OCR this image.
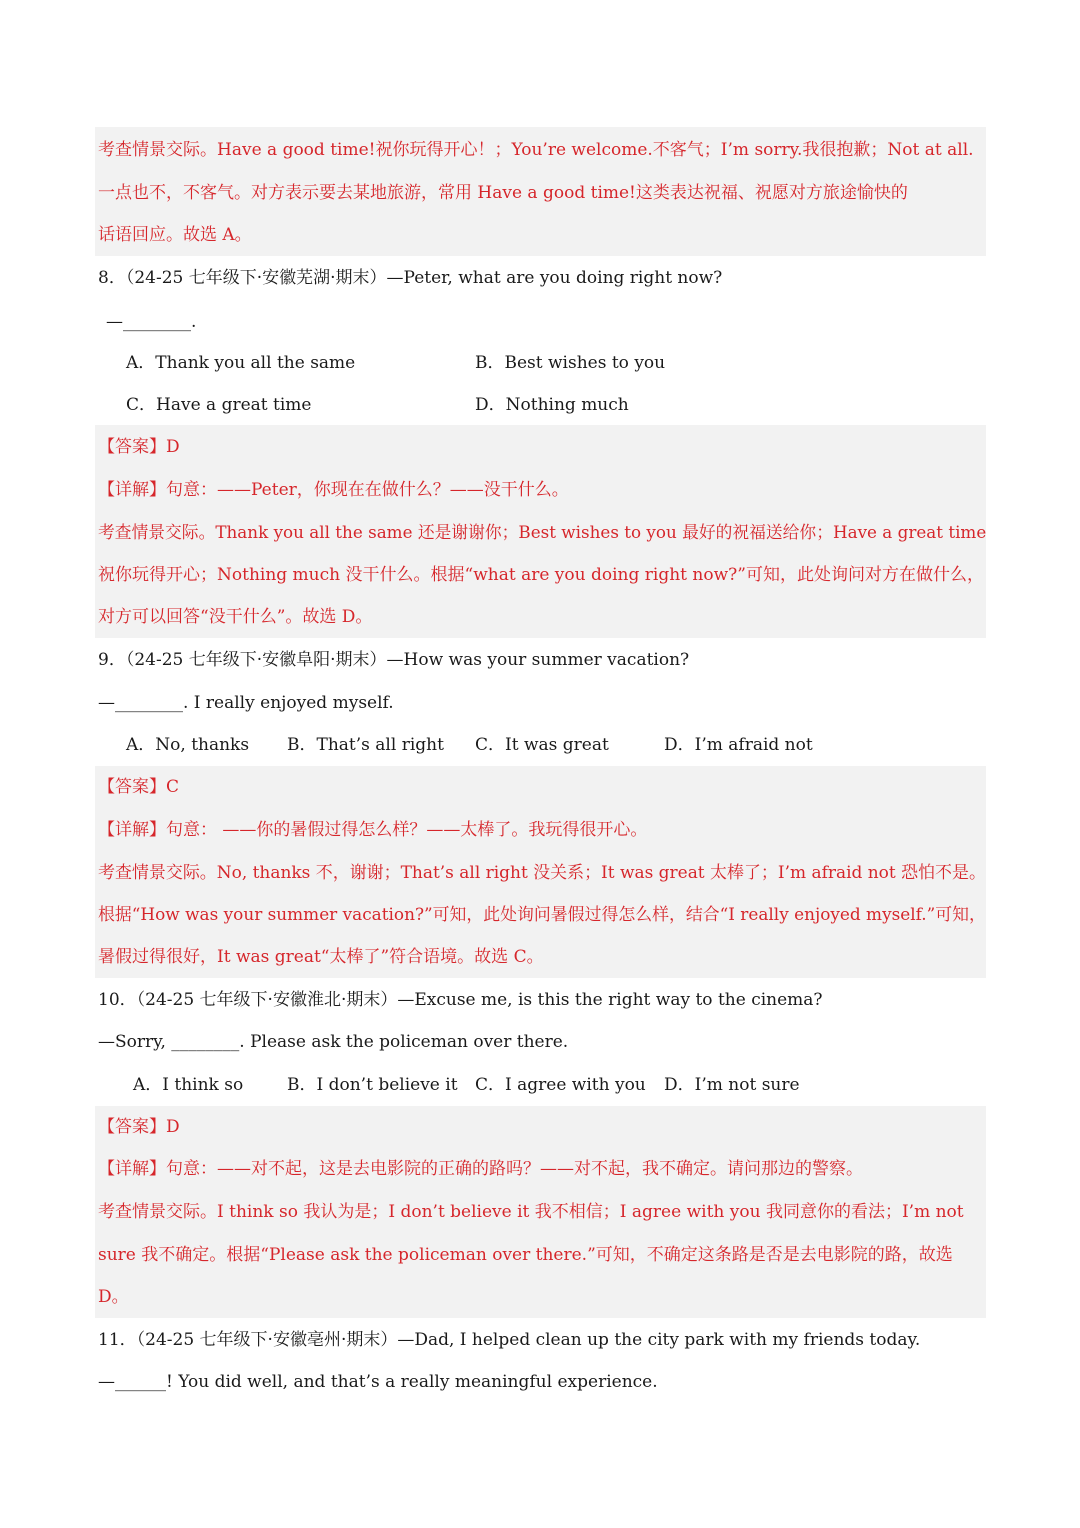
考查情景交际。Have a good time!祝你玩得开心！；You’re welcome.不客气；I’m sorry.我很抱歉；Not at all.
一点也不，不客气。对方表示要去某地旅游，常用 Have a good time!这类表达祝福、祝愿对方旅途愉快的
话语回应。故选 A。
8．（24-25 七年级下·安徽芜湖·期末）—Peter, what are you doing right now?
—________.
A．Thank you all the same	B．Best wishes to you
C．Have a great time	D．Nothing much
【答案】D
【详解】句意：——Peter，你现在在做什么？——没干什么。
考查情景交际。Thank you all the same 还是谢谢你；Best wishes to you 最好的祝福送给你；Have a great time
祝你玩得开心；Nothing much 没干什么。根据“what are you doing right now?”可知，此处询问对方在做什么，
对方可以回答“没干什么”。故选 D。
9．（24-25 七年级下·安徽阜阳·期末）—How was your summer vacation?
—________. I really enjoyed myself.
A．No, thanks B．That’s all right C．It was great	D．I’m afraid not
【答案】C
【详解】句意： ——你的暑假过得怎么样？——太棒了。我玩得很开心。
考查情景交际。No, thanks 不，谢谢；That’s all right 没关系；It was great 太棒了；I’m afraid not 恐怕不是。
根据“How was your summer vacation?”可知，此处询问暑假过得怎么样，结合“I really enjoyed myself.”可知，
暑假过得很好，It was great“太棒了”符合语境。故选 C。
10．（24-25 七年级下·安徽淮北·期末）—Excuse me, is this the right way to the cinema?
—Sorry, ________. Please ask the policeman over there.
A．I think so	B．I don’t believe it C．I agree with you D．I’m not sure
【答案】D
【详解】句意：——对不起，这是去电影院的正确的路吗？——对不起，我不确定。请问那边的警察。
考查情景交际。I think so 我认为是；I don’t believe it 我不相信；I agree with you 我同意你的看法；I’m not
sure 我不确定。根据“Please ask the policeman over there.”可知，不确定这条路是否是去电影院的路，故选
D。
11．（24-25 七年级下·安徽亳州·期末）—Dad, I helped clean up the city park with my friends today.
—______! You did well, and that’s a really meaningful experience.
